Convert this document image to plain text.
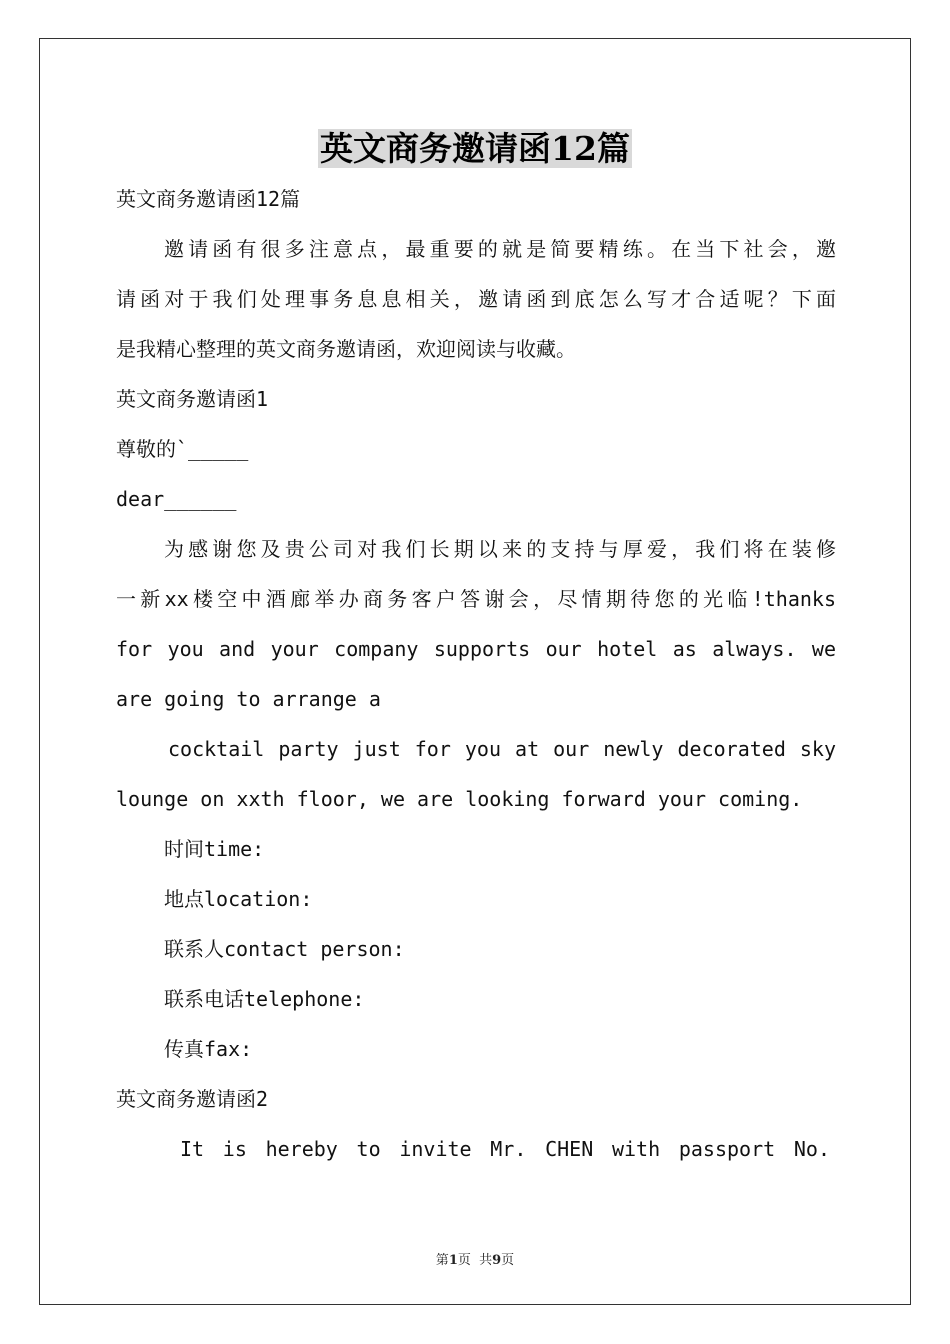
英文商务邀请函12篇
英文商务邀请函12篇
邀请函有很多注意点，最重要的就是简要精练。在当下社会，邀
请函对于我们处理事务息息相关，邀请函到底怎么写才合适呢？下面
是我精心整理的英文商务邀请函，欢迎阅读与收藏。
英文商务邀请函1
尊敬的`_____
dear______
为感谢您及贵公司对我们长期以来的支持与厚爱，我们将在装修
一新xx楼空中酒廊举办商务客户答谢会，尽情期待您的光临!thanks
for you and your company supports our hotel as always. we
are going to arrange a
cocktail party just for you at our newly decorated sky
lounge on xxth floor, we are looking forward your coming.
时间time:
地点location:
联系人contact person:
联系电话telephone:
传真fax:
英文商务邀请函2
It is hereby to invite Mr. CHEN with passport No.
第1页  共9页
